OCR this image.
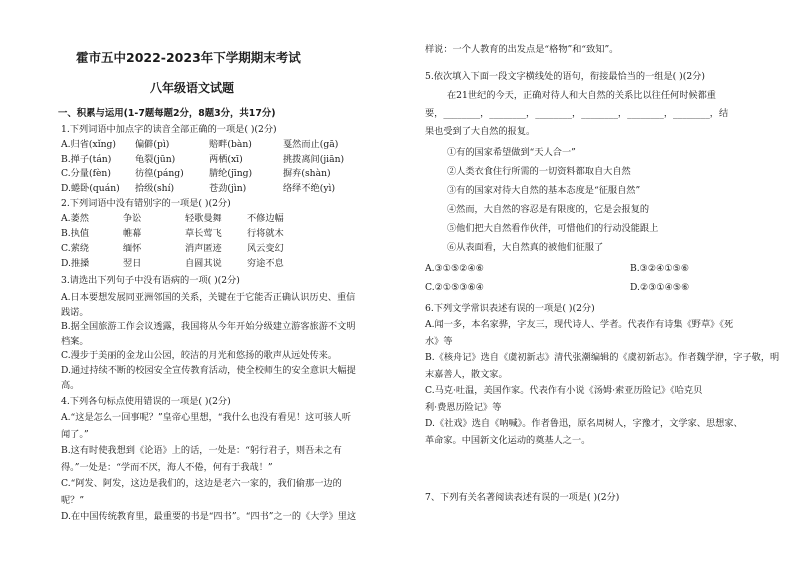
霍市五中2022-2023年下学期期末考试
八年级语文试题
一、积累与运用(1-7题每题2分，8题3分，共17分)
1.下列词语中加点字的读音全部正确的一项是( )(2分)
A.归省(xǐng) 偏僻(pì)	赔畔(bàn)	戛然而止(gā)
B.掸子(tán)	龟裂(jūn)	两栖(xī)	挑拨离间(jiān)
C.分量(fèn)	彷徨(páng)	腈纶(jīng)	摒弃(shàn)
D.蜷卧(quán) 拾级(shí)	苍劲(jìn)	络绎不绝(yì)
2.下列词语中没有错别字的一项是( )(2分)
A.萎然	争讼	轻歌曼舞	不修边幅
B.执值	帷幕	草长莺飞	行将就木
C.萦绕	缅怀	消声匿迹	风云变幻
D.推搡	翌日	自圆其说	穷途不息
3.请选出下列句子中没有语病的一项( )(2分)
A.日本要想发展同亚洲邻国的关系，关键在于它能否正确认识历史、重信
践诺。
B.据全国旅游工作会议透露，我国将从今年开始分级建立游客旅游不文明
档案。
C.漫步于美丽的金龙山公园，皎洁的月光和悠扬的歌声从远处传来。
D.通过持续不断的校园安全宣传教育活动，使全校师生的安全意识大幅提
高。
4.下列各句标点使用错误的一项是( )(2分)
A.“这是怎么一回事呢？”皇帝心里想，“我什么也没有看见！这可骇人听
闻了。”
B.这有时使我想到《论语》上的话，一处是：“躬行君子，则吾未之有
得。”一处是：“学而不厌，海人不倦，何有于我哉！”
C.“阿发、阿发，这边是我们的，这边是老六一家的，我们偷那一边的
呢？”
D.在中国传统教育里，最重要的书是“四书”。“四书”之一的《大学》里这
样说：一个人教育的出发点是“格物”和“致知”。
5.依次填入下面一段文字横线处的语句，衔接最恰当的一组是( )(2分)
在21世纪的今天，正确对待人和大自然的关系比以往任何时候都重
要，________，________，________，________，________，________，结
果也受到了大自然的报复。
①有的国家希望做到“天人合一”
②人类衣食住行所需的一切资料都取自大自然
③有的国家对待大自然的基本态度是“征服自然”
④然而，大自然的容忍是有限度的，它是会报复的
⑤他们把大自然看作伙伴，可惜他们的行动没能跟上
⑥从表面看，大自然真的被他们征服了
A.③①⑤②④⑥	B.③②④①⑤⑥
C.②①⑤③⑥④	D.②③①④⑤⑥
6.下列文学常识表述有误的一项是( )(2分)
A.闻一多，本名家骅，字友三，现代诗人、学者。代表作有诗集《野草》《死
水》等
B.《核舟记》选自《虞初新志》清代张潮编辑的《虞初新志》。作者魏学洢，字子敬，明
末嘉善人，散文家。
C.马克·吐温，美国作家。代表作有小说《汤姆·索亚历险记》《哈克贝
利·费恩历险记》等
D.《社戏》选自《呐喊》。作者鲁迅，原名周树人，字豫才，文学家、思想家、
革命家。中国新文化运动的奠基人之一。
7、下列有关名著阅读表述有误的一项是( )(2分)
